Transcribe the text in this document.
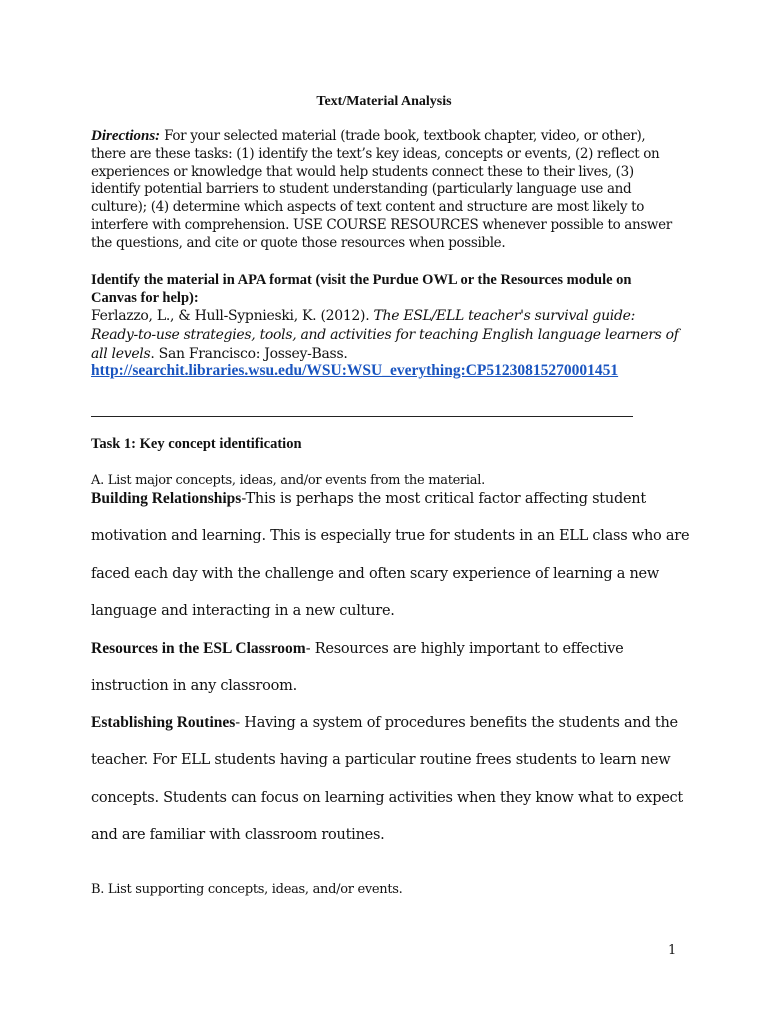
Text/Material Analysis
Directions: For your selected material (trade book, textbook chapter, video, or other), there are these tasks: (1) identify the text’s key ideas, concepts or events, (2) reflect on experiences or knowledge that would help students connect these to their lives, (3) identify potential barriers to student understanding (particularly language use and culture); (4) determine which aspects of text content and structure are most likely to interfere with comprehension. USE COURSE RESOURCES whenever possible to answer the questions, and cite or quote those resources when possible.
Identify the material in APA format (visit the Purdue OWL or the Resources module on Canvas for help):
Ferlazzo, L., & Hull-Sypnieski, K. (2012). The ESL/ELL teacher's survival guide: Ready-to-use strategies, tools, and activities for teaching English language learners of all levels. San Francisco: Jossey-Bass.
http://searchit.libraries.wsu.edu/WSU:WSU_everything:CP51230815270001451
Task 1: Key concept identification
A. List major concepts, ideas, and/or events from the material.
Building Relationships-This is perhaps the most critical factor affecting student motivation and learning. This is especially true for students in an ELL class who are faced each day with the challenge and often scary experience of learning a new language and interacting in a new culture.
Resources in the ESL Classroom- Resources are highly important to effective instruction in any classroom.
Establishing Routines- Having a system of procedures benefits the students and the teacher. For ELL students having a particular routine frees students to learn new concepts. Students can focus on learning activities when they know what to expect and are familiar with classroom routines.
B. List supporting concepts, ideas, and/or events.
1
